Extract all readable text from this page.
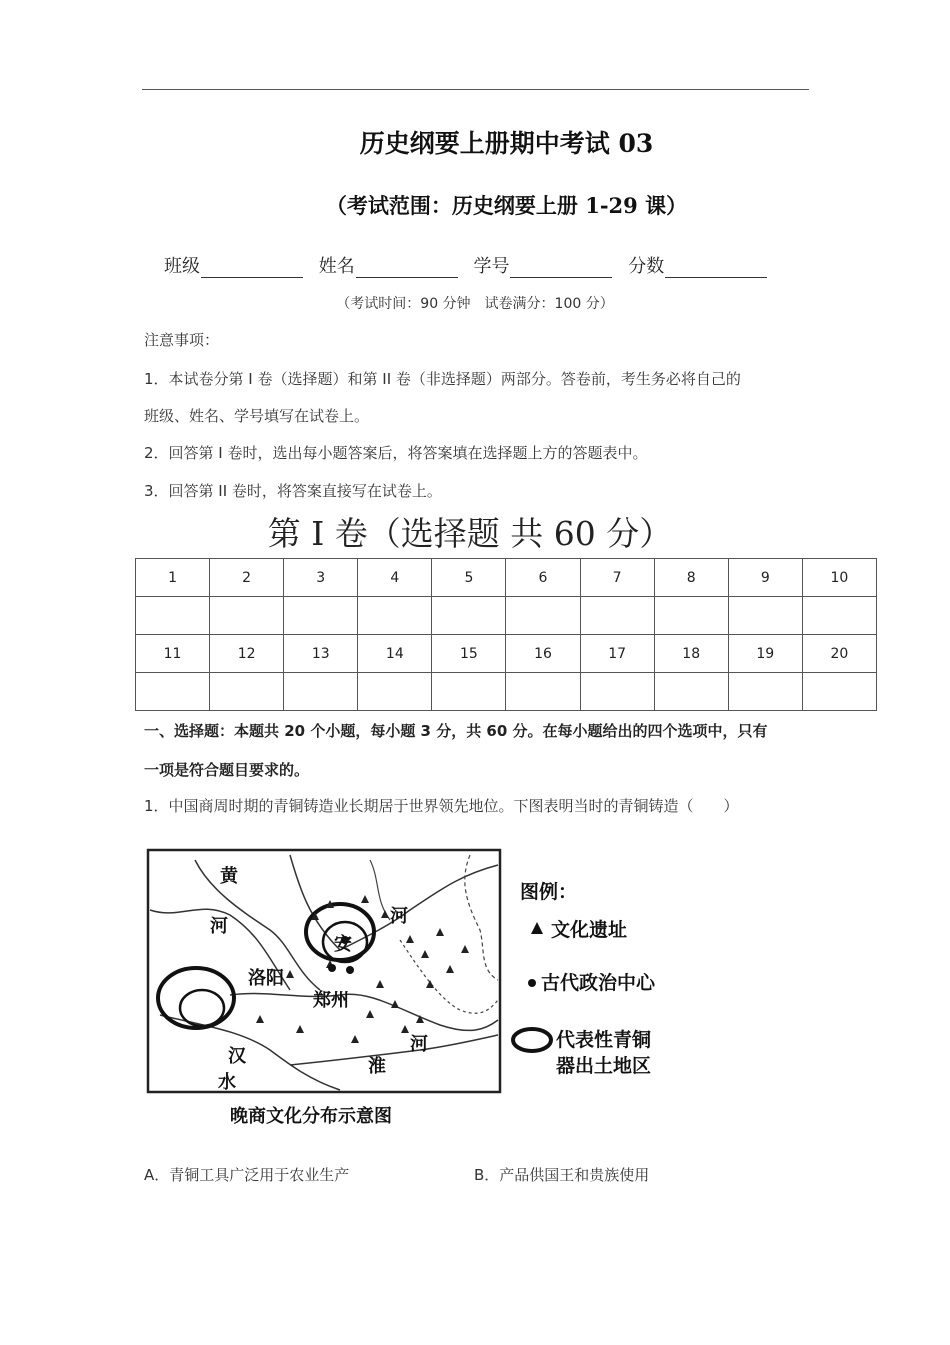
历史纲要上册期中考试 03
（考试范围：历史纲要上册 1-29 课）
班级	姓名	学号	分数
（考试时间：90 分钟 试卷满分：100 分）
注意事项：
1．本试卷分第 I 卷（选择题）和第 II 卷（非选择题）两部分。答卷前，考生务必将自己的
班级、姓名、学号填写在试卷上。
2．回答第 I 卷时，选出每小题答案后，将答案填在选择题上方的答题表中。
3．回答第 II 卷时，将答案直接写在试卷上。
第 I 卷（选择题 共 60 分）
1	2	3	4	5	6	7	8	9	10

11	12	13	14	15	16	17	18	19	20

一、选择题：本题共 20 个小题，每小题 3 分，共 60 分。在每小题给出的四个选项中，只有
一项是符合题目要求的。
1．中国商周时期的青铜铸造业长期居于世界领先地位。下图表明当时的青铜铸造（　　）
黄
河	河
河
洛阳
郑州
汉
水
淮
安
图例：
文化遗址
古代政治中心
代表性青铜
器出土地区
晚商文化分布示意图
A．青铜工具广泛用于农业生产	B．产品供国王和贵族使用
